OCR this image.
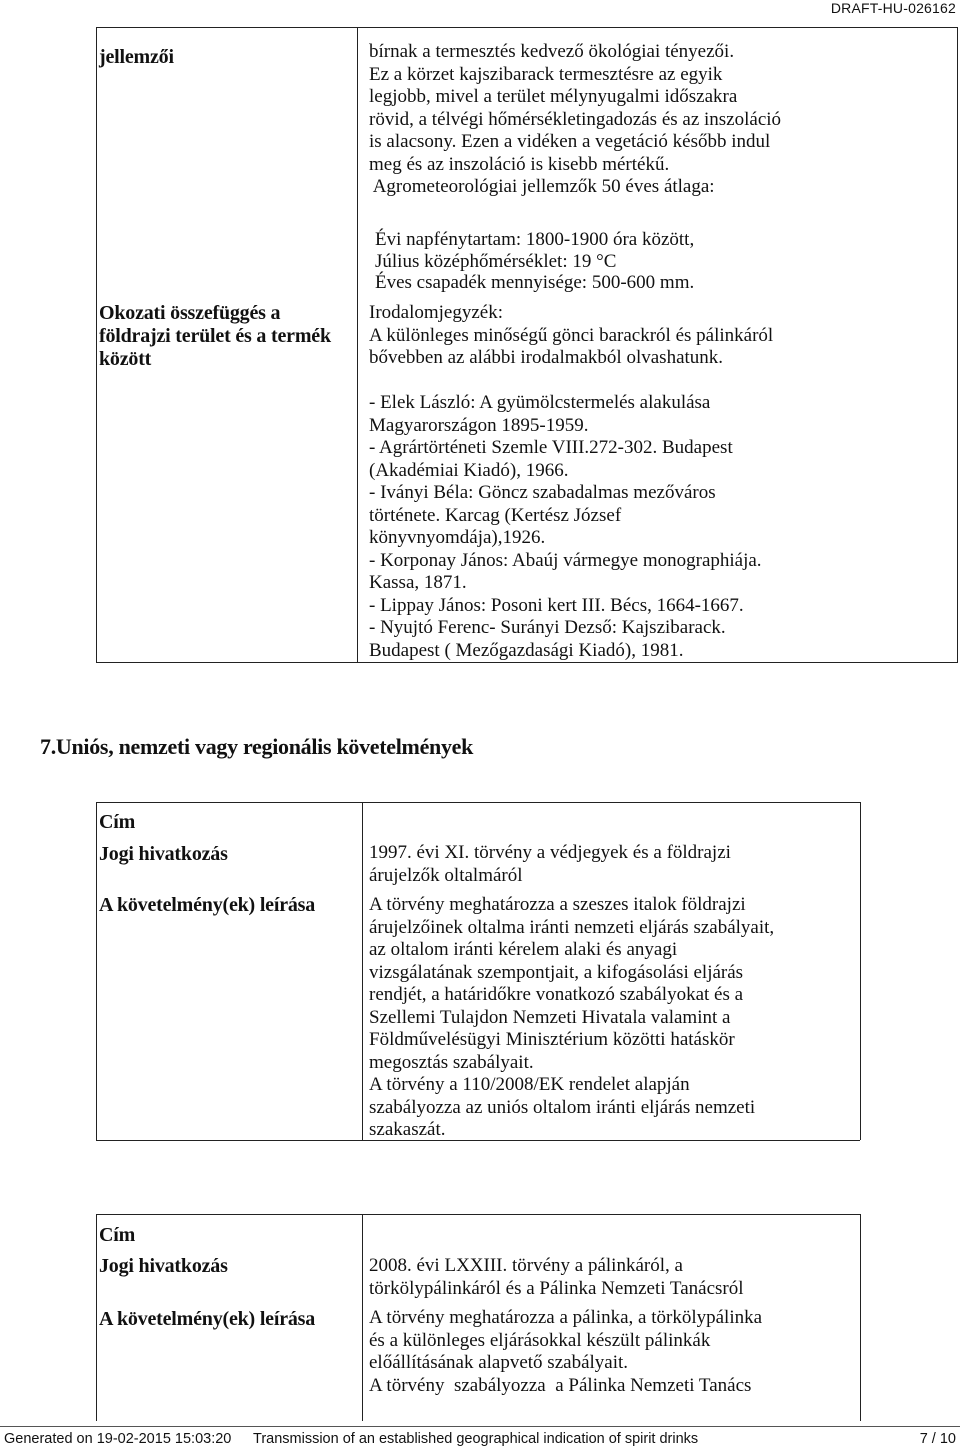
DRAFT-HU-026162
jellemzői	bírnak a termesztés kedvező ökológiai tényezői.
Ez a körzet kajszibarack termesztésre az egyik
legjobb, mivel a terület mélynyugalmi időszakra
rövid, a télvégi hőmérsékletingadozás és az inszoláció
is alacsony. Ezen a vidéken a vegetáció később indul
meg és az inszoláció is kisebb mértékű.
Agrometeorológiai jellemzők 50 éves átlaga:
Évi napfénytartam: 1800-1900 óra között,
Július középhőmérséklet: 19 °C
Éves csapadék mennyisége: 500-600 mm.
Okozati összefüggés a
földrajzi terület és a termék
között
Irodalomjegyzék:
A különleges minőségű gönci barackról és pálinkáról
bővebben az alábbi irodalmakból olvashatunk.
- Elek László: A gyümölcstermelés alakulása
Magyarországon 1895-1959.
- Agrártörténeti Szemle VIII.272-302. Budapest
(Akadémiai Kiadó), 1966.
- Iványi Béla: Göncz szabadalmas mezőváros
története. Karcag (Kertész József
könyvnyomdája),1926.
- Korponay János: Abaúj vármegye monographiája.
Kassa, 1871.
- Lippay János: Posoni kert III. Bécs, 1664-1667.
- Nyujtó Ferenc- Surányi Dezső: Kajszibarack.
Budapest ( Mezőgazdasági Kiadó), 1981.
7.Uniós, nemzeti vagy regionális követelmények
Cím
Jogi hivatkozás
A követelmény(ek) leírása
1997. évi XI. törvény a védjegyek és a földrajzi
árujelzők oltalmáról
A törvény meghatározza a szeszes italok földrajzi
árujelzőinek oltalma iránti nemzeti eljárás szabályait,
az oltalom iránti kérelem alaki és anyagi
vizsgálatának szempontjait, a kifogásolási eljárás
rendjét, a határidőkre vonatkozó szabályokat és a
Szellemi Tulajdon Nemzeti Hivatala valamint a
Földművelésügyi Minisztérium közötti hatáskör
megosztás szabályait.
A törvény a 110/2008/EK rendelet alapján
szabályozza az uniós oltalom iránti eljárás nemzeti
szakaszát.
Cím
Jogi hivatkozás
A követelmény(ek) leírása
2008. évi LXXIII. törvény a pálinkáról, a
törkölypálinkáról és a Pálinka Nemzeti Tanácsról
A törvény meghatározza a pálinka, a törkölypálinka
és a különleges eljárásokkal készült pálinkák
előállításának alapvető szabályait.
A törvény  szabályozza  a Pálinka Nemzeti Tanács
Generated on 19-02-2015 15:03:20 Transmission of an established geographical indication of spirit drinks	7 / 10
